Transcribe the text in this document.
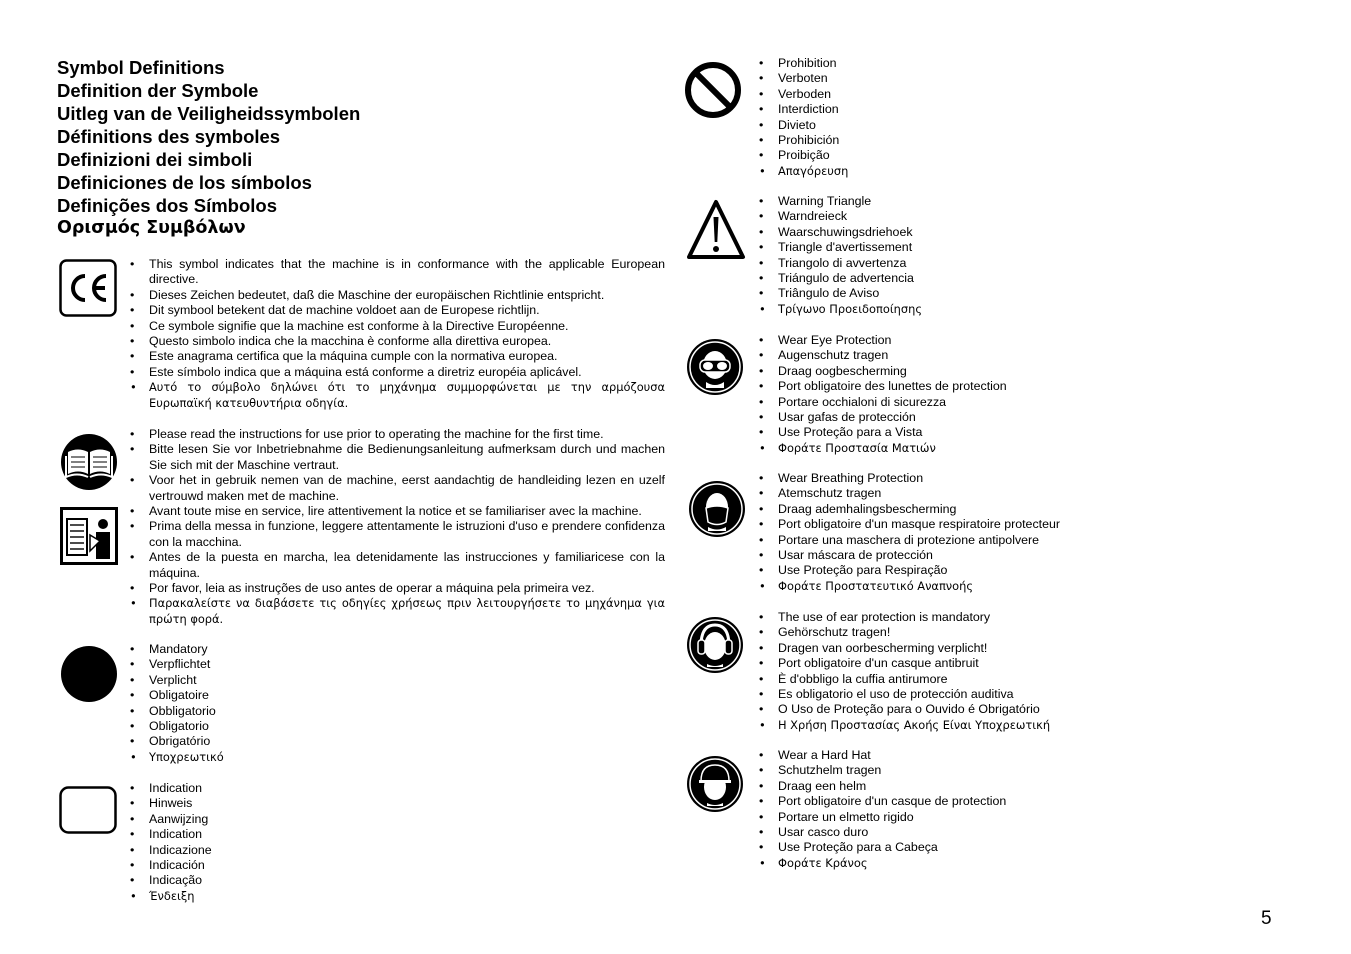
Symbol Definitions
Definition der Symbole
Uitleg van de Veiligheidssymbolen
Définitions des symboles
Definizioni dei simboli
Definiciones de los símbolos
Definições dos Símbolos
Ορισμός Συμβόλων
• This symbol indicates that the machine is in conformance with the applicable European directive.
• Dieses Zeichen bedeutet, daß die Maschine der europäischen Richtlinie entspricht.
• Dit symbool betekent dat de machine voldoet aan de Europese richtlijn.
• Ce symbole signifie que la machine est conforme à la Directive Européenne.
• Questo simbolo indica che la macchina è conforme alla direttiva europea.
• Este anagrama certifica que la máquina cumple con la normativa europea.
• Este símbolo indica que a máquina está conforme a diretriz européia aplicável.
• Αυτό το σύμβολο δηλώνει ότι το μηχάνημα συμμορφώνεται με την αρμόζουσα Ευρωπαϊκή κατευθυντήρια οδηγία.
• Please read the instructions for use prior to operating the machine for the first time.
• Bitte lesen Sie vor Inbetriebnahme die Bedienungsanleitung aufmerksam durch und machen Sie sich mit der Maschine vertraut.
• Voor het in gebruik nemen van de machine, eerst aandachtig de handleiding lezen en uzelf vertrouwd maken met de machine.
• Avant toute mise en service, lire attentivement la notice et se familiariser avec la machine.
• Prima della messa in funzione, leggere attentamente le istruzioni d'uso e prendere confidenza con la macchina.
• Antes de la puesta en marcha, lea detenidamente las instrucciones y familiaricese con la máquina.
• Por favor, leia as instruções de uso antes de operar a máquina pela primeira vez.
• Παρακαλείστε να διαβάσετε τις οδηγίες χρήσεως πριν λειτουργήσετε το μηχάνημα για πρώτη φορά.
• Mandatory
• Verpflichtet
• Verplicht
• Obligatoire
• Obbligatorio
• Obligatorio
• Obrigatório
• Υποχρεωτικό
• Indication
• Hinweis
• Aanwijzing
• Indication
• Indicazione
• Indicación
• Indicação
• Ένδειξη
• Prohibition
• Verboten
• Verboden
• Interdiction
• Divieto
• Prohibición
• Proibição
• Απαγόρευση
• Warning Triangle
• Warndreieck
• Waarschuwingsdriehoek
• Triangle d'avertissement
• Triangolo di avvertenza
• Triángulo de advertencia
• Triângulo de Aviso
• Τρίγωνο Προειδοποίησης
• Wear Eye Protection
• Augenschutz tragen
• Draag oogbescherming
• Port obligatoire des lunettes de protection
• Portare occhialoni di sicurezza
• Usar gafas de protección
• Use Proteção para a Vista
• Φοράτε Προστασία Ματιών
• Wear Breathing Protection
• Atemschutz tragen
• Draag ademhalingsbescherming
• Port obligatoire d'un masque respiratoire protecteur
• Portare una maschera di protezione antipolvere
• Usar máscara de protección
• Use Proteção para Respiração
• Φοράτε Προστατευτικό Αναπνοής
• The use of ear protection is mandatory
• Gehörschutz tragen!
• Dragen van oorbescherming verplicht!
• Port obligatoire d'un casque antibruit
• È d'obbligo la cuffia antirumore
• Es obligatorio el uso de protección auditiva
• O Uso de Proteção para o Ouvido é Obrigatório
• Η Χρήση Προστασίας Ακοής Είναι Υποχρεωτική
• Wear a Hard Hat
• Schutzhelm tragen
• Draag een helm
• Port obligatoire d'un casque de protection
• Portare un elmetto rigido
• Usar casco duro
• Use Proteção para a Cabeça
• Φοράτε Κράνος
5
